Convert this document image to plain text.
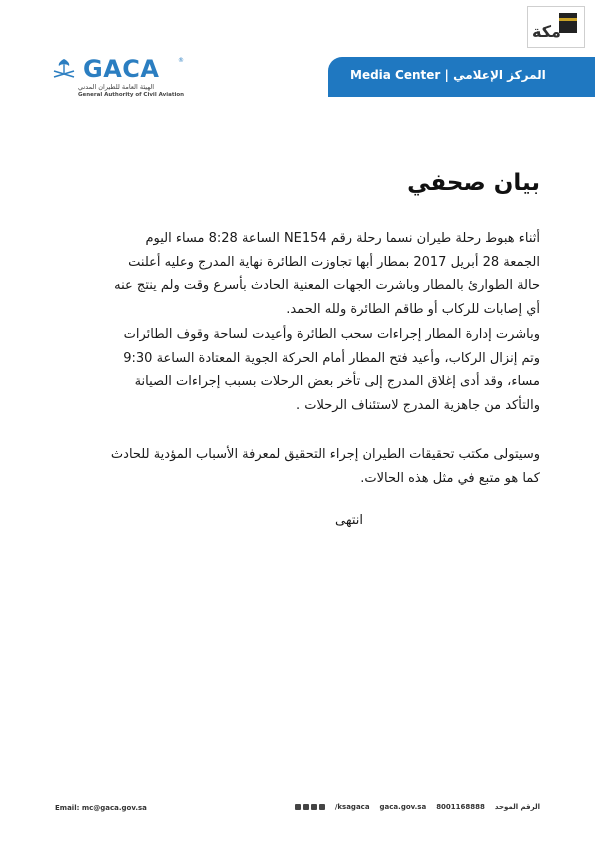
مكة
GACA	®
الهيئة العامة للطيران المدني
General Authority of Civil Aviation
Media Center | المركز الإعلامي
بيان صحفي
أثناء هبوط رحلة طيران نسما رحلة رقم NE154 الساعة 8:28 مساء اليوم
الجمعة 28 أبريل 2017 بمطار أبها تجاوزت الطائرة نهاية المدرج وعليه أعلنت
حالة الطوارئ بالمطار وباشرت الجهات المعنية الحادث بأسرع وقت ولم ينتج عنه
أي إصابات للركاب أو طاقم الطائرة ولله الحمد.
وباشرت إدارة المطار إجراءات سحب الطائرة وأعيدت لساحة وقوف الطائرات
وتم إنزال الركاب، وأعيد فتح المطار أمام الحركة الجوية المعتادة الساعة 9:30
مساء، وقد أدى إغلاق المدرج إلى تأخر بعض الرحلات بسبب إجراءات الصيانة
والتأكد من جاهزية المدرج لاستئناف الرحلات .
وسيتولى مكتب تحقيقات الطيران إجراء التحقيق لمعرفة الأسباب المؤدية للحادث
كما هو متبع في مثل هذه الحالات.
انتهى
Email: mc@gaca.gov.sa	/ksagaca gaca.gov.sa 8001168888 الرقم الموحد
